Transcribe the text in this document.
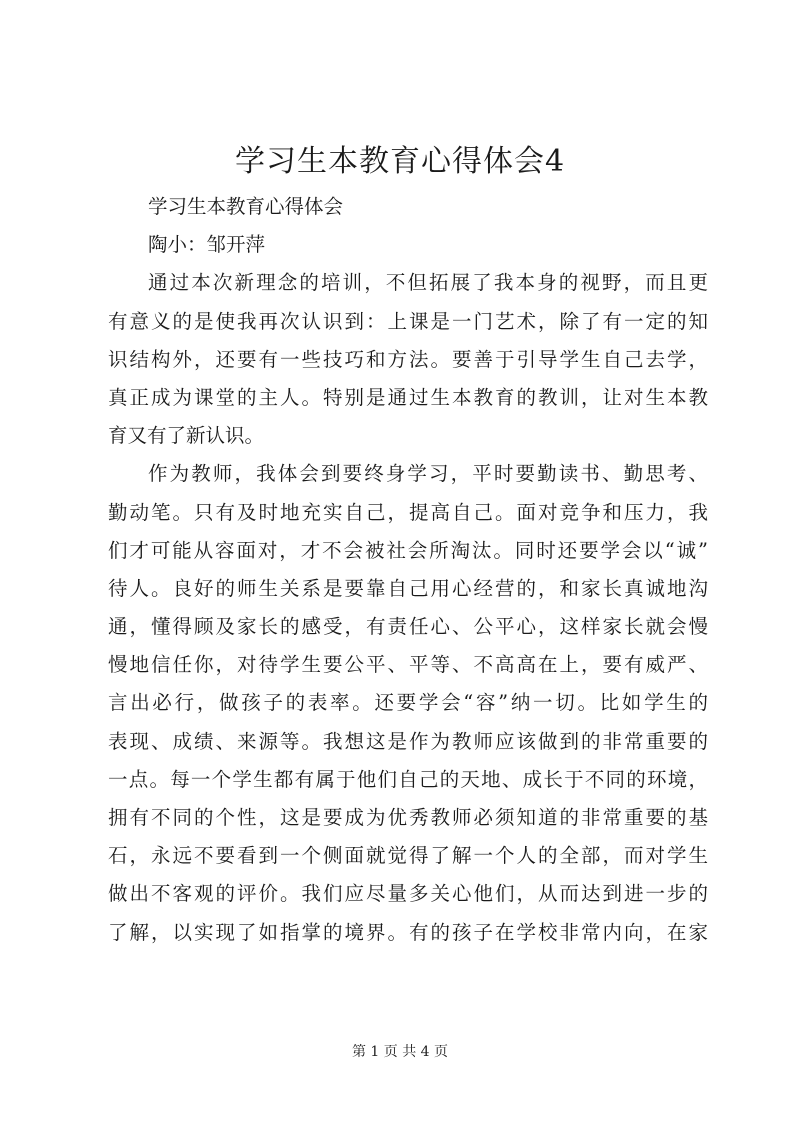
学习生本教育心得体会4

学习生本教育心得体会

陶小：邹开萍

通过本次新理念的培训，不但拓展了我本身的视野，而且更

有意义的是使我再次认识到：上课是一门艺术，除了有一定的知

识结构外，还要有一些技巧和方法。要善于引导学生自己去学，

真正成为课堂的主人。特别是通过生本教育的教训，让对生本教

育又有了新认识。

作为教师，我体会到要终身学习，平时要勤读书、勤思考、

勤动笔。只有及时地充实自己，提高自己。面对竞争和压力，我

们才可能从容面对，才不会被社会所淘汰。同时还要学会以“诚”

待人。良好的师生关系是要靠自己用心经营的，和家长真诚地沟

通，懂得顾及家长的感受，有责任心、公平心，这样家长就会慢

慢地信任你，对待学生要公平、平等、不高高在上，要有威严、

言出必行，做孩子的表率。还要学会“容”纳一切。比如学生的

表现、成绩、来源等。我想这是作为教师应该做到的非常重要的

一点。每一个学生都有属于他们自己的天地、成长于不同的环境，

拥有不同的个性，这是要成为优秀教师必须知道的非常重要的基

石，永远不要看到一个侧面就觉得了解一个人的全部，而对学生

做出不客观的评价。我们应尽量多关心他们，从而达到进一步的

了解，以实现了如指掌的境界。有的孩子在学校非常内向，在家

第 1 页 共 4 页
